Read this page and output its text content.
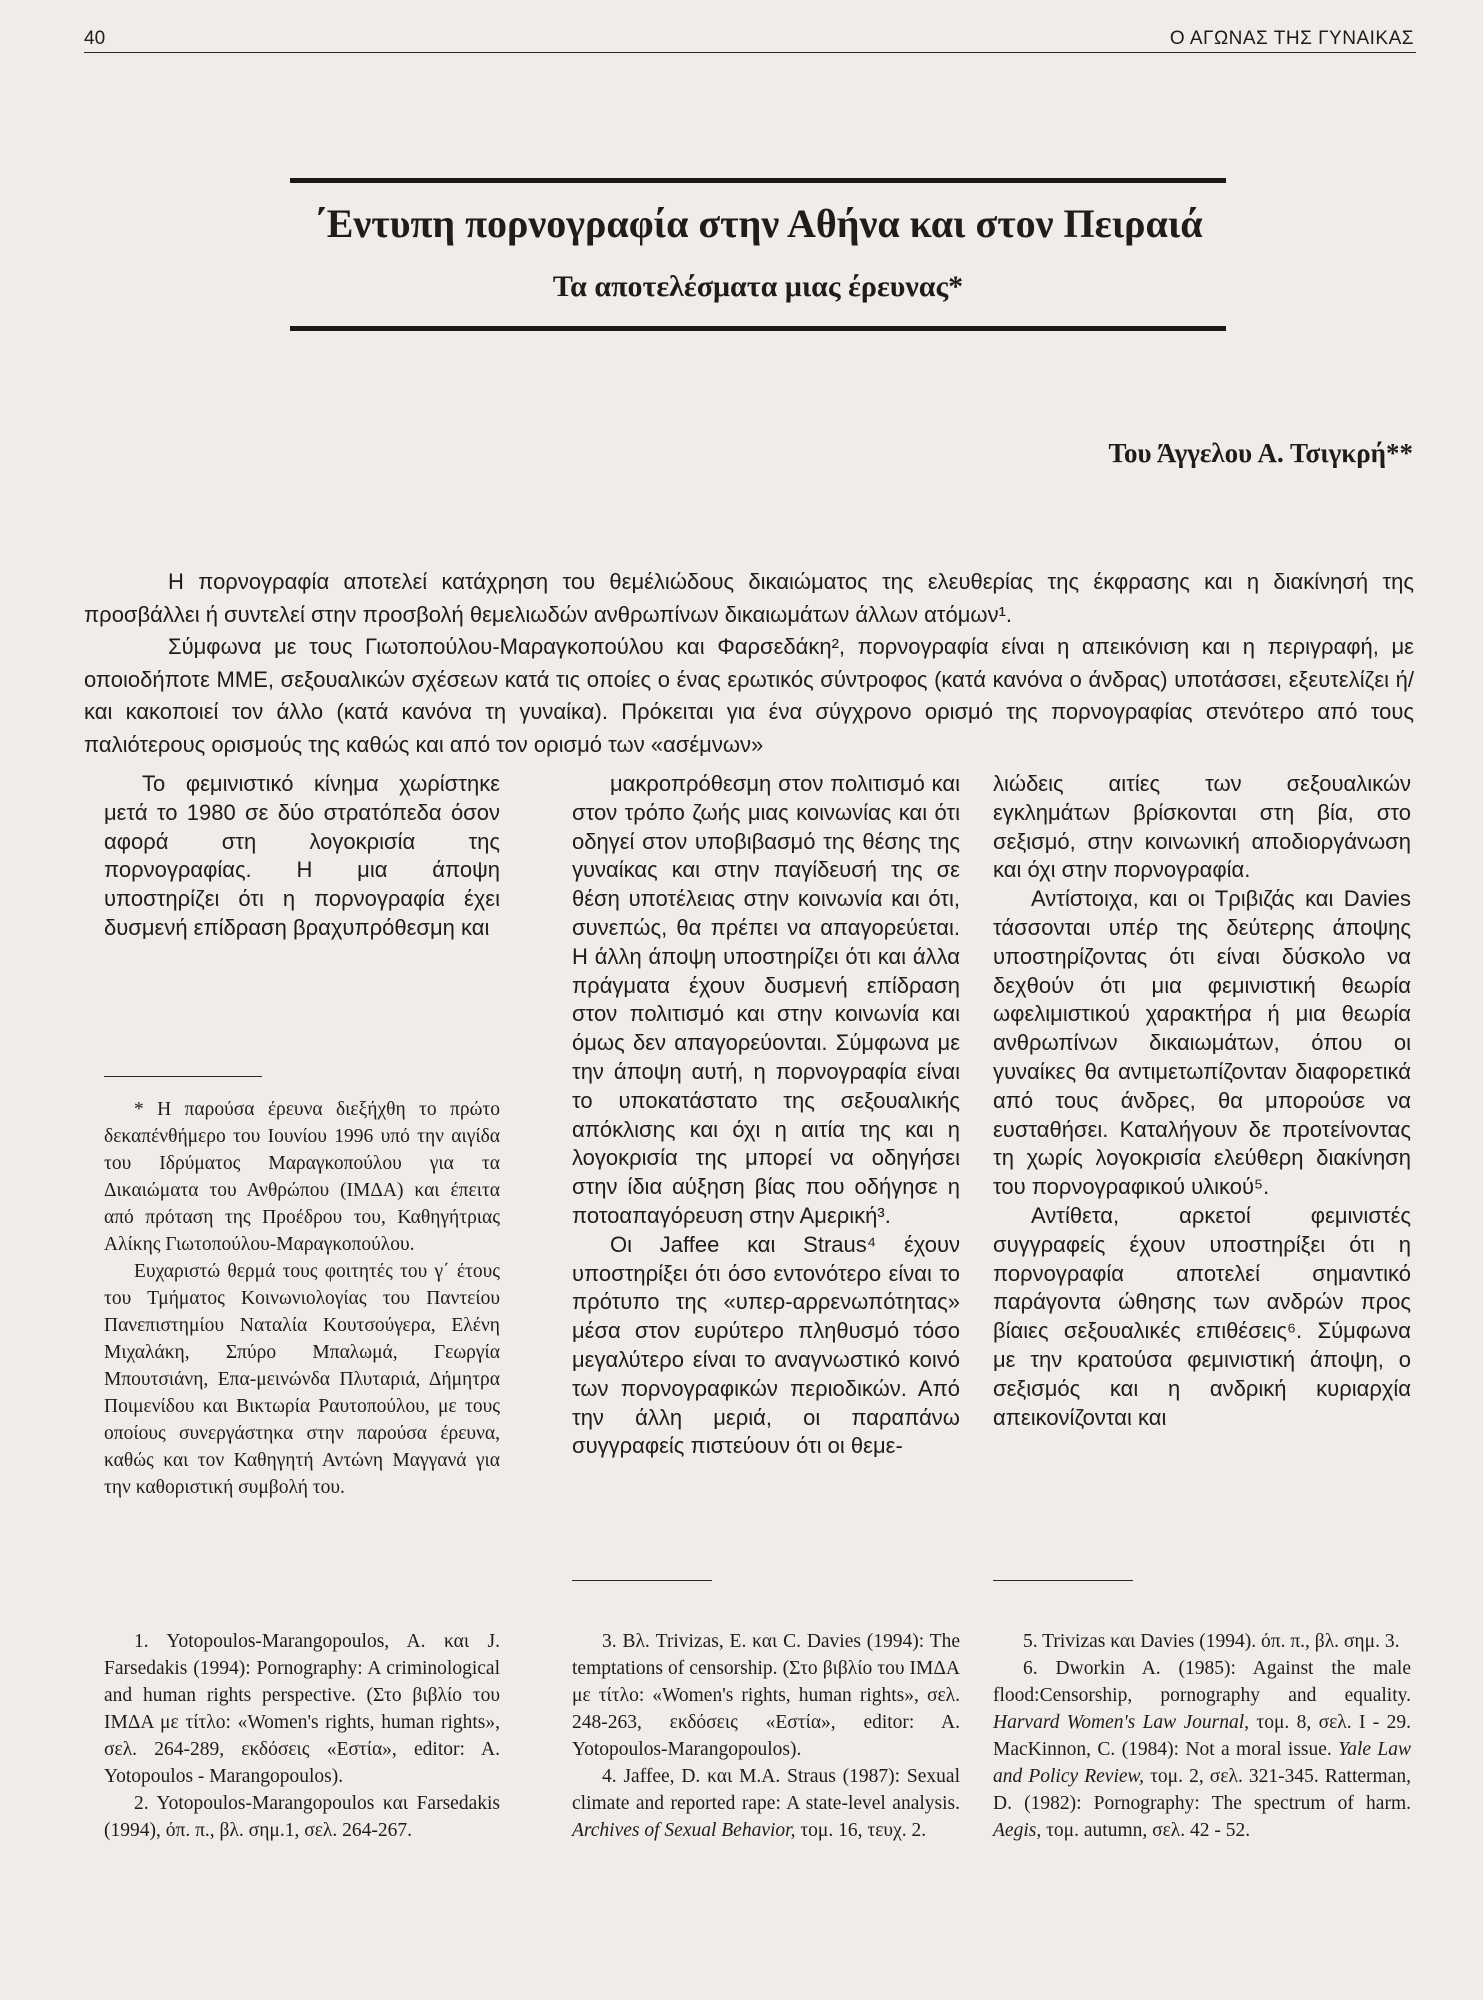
40	Ο ΑΓΩΝΑΣ ΤΗΣ ΓΥΝΑΙΚΑΣ
΄Εντυπη πορνογραφία στην Αθήνα και στον Πειραιά
Τα αποτελέσματα μιας έρευνας*
Του Άγγελου Α. Τσιγκρή**

Η πορνογραφία αποτελεί κατάχρηση του θεμέλιώδους δικαιώματος της ελευθερίας της έκφρασης και η διακίνησή της προσβάλλει ή συντελεί στην προσβολή θεμελιωδών ανθρωπίνων δικαιωμάτων άλλων ατόμων¹.

Σύμφωνα με τους Γιωτοπούλου-Μαραγκοπούλου και Φαρσεδάκη², πορνογραφία είναι η απεικόνιση και η περιγραφή, με οποιοδήποτε ΜΜΕ, σεξουαλικών σχέσεων κατά τις οποίες ο ένας ερωτικός σύντροφος (κατά κανόνα ο άνδρας) υποτάσσει, εξευτελίζει ή/και κακοποιεί τον άλλο (κατά κανόνα τη γυναίκα). Πρόκειται για ένα σύγχρονο ορισμό της πορνογραφίας στενότερο από τους παλιότερους ορισμούς της καθώς και από τον ορισμό των «ασέμνων»

Το φεμινιστικό κίνημα χωρίστηκε μετά το 1980 σε δύο στρατόπεδα όσον αφορά στη λογοκρισία της πορνογραφίας. Η μια άποψη υποστηρίζει ότι η πορνογραφία έχει δυσμενή επίδραση βραχυπρόθεσμη και

μακροπρόθεσμη στον πολιτισμό και στον τρόπο ζωής μιας κοινωνίας και ότι οδηγεί στον υποβιβασμό της θέσης της γυναίκας και στην παγίδευσή της σε θέση υποτέλειας στην κοινωνία και ότι, συνεπώς, θα πρέπει να απαγορεύεται. Η άλλη άποψη υποστηρίζει ότι και άλλα πράγματα έχουν δυσμενή επίδραση στον πολιτισμό και στην κοινωνία και όμως δεν απαγορεύονται. Σύμφωνα με την άποψη αυτή, η πορνογραφία είναι το υποκατάστατο της σεξουαλικής απόκλισης και όχι η αιτία της και η λογοκρισία της μπορεί να οδηγήσει στην ίδια αύξηση βίας που οδήγησε η ποτοαπαγόρευση στην Αμερική³.

Οι Jaffee και Straus⁴ έχουν υποστηρίξει ότι όσο εντονότερο είναι το πρότυπο της «υπερ-αρρενωπότητας» μέσα στον ευρύτερο πληθυσμό τόσο μεγαλύτερο είναι το αναγνωστικό κοινό των πορνογραφικών περιοδικών. Από την άλλη μεριά, οι παραπάνω συγγραφείς πιστεύουν ότι οι θεμε-

λιώδεις αιτίες των σεξουαλικών εγκλημάτων βρίσκονται στη βία, στο σεξισμό, στην κοινωνική αποδιοργάνωση και όχι στην πορνογραφία.

Αντίστοιχα, και οι Τριβιζάς και Davies τάσσονται υπέρ της δεύτερης άποψης υποστηρίζοντας ότι είναι δύσκολο να δεχθούν ότι μια φεμινιστική θεωρία ωφελιμιστικού χαρακτήρα ή μια θεωρία ανθρωπίνων δικαιωμάτων, όπου οι γυναίκες θα αντιμετωπίζονταν διαφορετικά από τους άνδρες, θα μπορούσε να ευσταθήσει. Καταλήγουν δε προτείνοντας τη χωρίς λογοκρισία ελεύθερη διακίνηση του πορνογραφικού υλικού⁵.

Αντίθετα, αρκετοί φεμινιστές συγγραφείς έχουν υποστηρίξει ότι η πορνογραφία αποτελεί σημαντικό παράγοντα ώθησης των ανδρών προς βίαιες σεξουαλικές επιθέσεις⁶. Σύμφωνα με την κρατούσα φεμινιστική άποψη, ο σεξισμός και η ανδρική κυριαρχία απεικονίζονται και

* Η παρούσα έρευνα διεξήχθη το πρώτο δεκαπένθήμερο του Ιουνίου 1996 υπό την αιγίδα του Ιδρύματος Μαραγκοπούλου για τα Δικαιώματα του Ανθρώπου (ΙΜΔΑ) και έπειτα από πρόταση της Προέδρου του, Καθηγήτριας Αλίκης Γιωτοπούλου-Μαραγκοπούλου.

Ευχαριστώ θερμά τους φοιτητές του γ΄ έτους του Τμήματος Κοινωνιολογίας του Παντείου Πανεπιστημίου Ναταλία Κουτσούγερα, Ελένη Μιχαλάκη, Σπύρο Μπαλωμά, Γεωργία Μπουτσιάνη, Επα-μεινώνδα Πλυταριά, Δήμητρα Ποιμενίδου και Βικτωρία Ραυτοπούλου, με τους οποίους συνεργάστηκα στην παρούσα έρευνα, καθώς και τον Καθηγητή Αντώνη Μαγγανά για την καθοριστική συμβολή του.

1. Yotopoulos-Marangopoulos, A. και J. Farsedakis (1994): Pornography: A criminological and human rights perspective. (Στο βιβλίο του ΙΜΔΑ με τίτλο: «Women's rights, human rights», σελ. 264-289, εκδόσεις «Εστία», editor: A. Yotopoulos - Marangopoulos).

2. Yotopoulos-Marangopoulos και Farsedakis (1994), όπ. π., βλ. σημ.1, σελ. 264-267.

3. Βλ. Trivizas, E. και C. Davies (1994): The temptations of censorship. (Στο βιβλίο του ΙΜΔΑ με τίτλο: «Women's rights, human rights», σελ. 248-263, εκδόσεις «Εστία», editor: A. Yotopoulos-Marangopoulos).

4. Jaffee, D. και M.A. Straus (1987): Sexual climate and reported rape: A state-level analysis. Archives of Sexual Behavior, τομ. 16, τευχ. 2.

5. Trivizas και Davies (1994). όπ. π., βλ. σημ. 3.

6. Dworkin A. (1985): Against the male flood:Censorship, pornography and equality. Harvard Women's Law Journal, τομ. 8, σελ. I - 29. MacKinnon, C. (1984): Not a moral issue. Yale Law and Policy Review, τομ. 2, σελ. 321-345. Ratterman, D. (1982): Pornography: The spectrum of harm. Aegis, τομ. autumn, σελ. 42 - 52.
